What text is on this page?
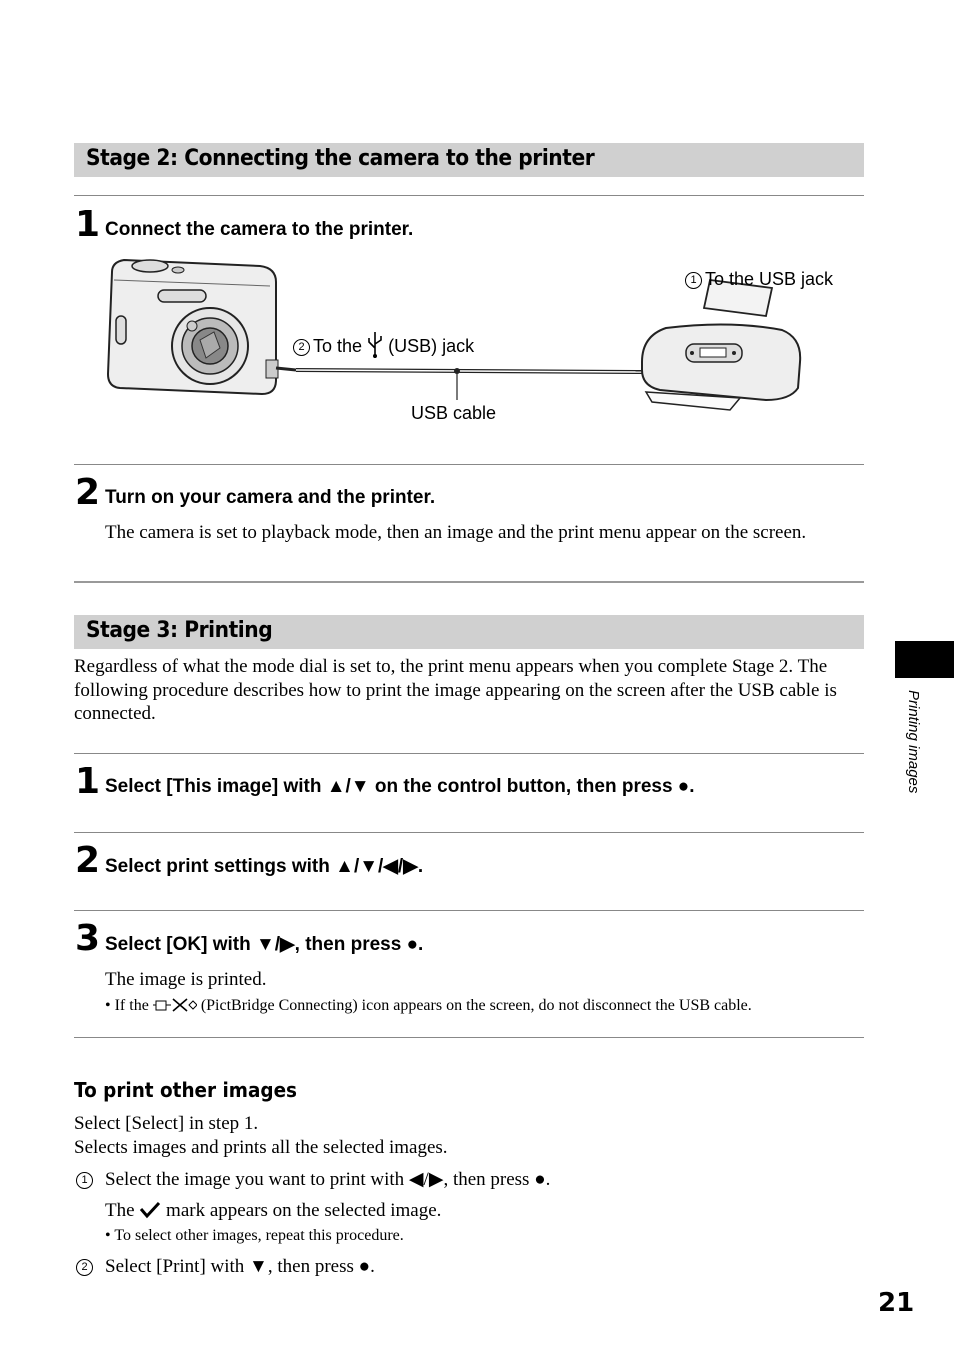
Stage 2: Connecting the camera to the printer
1 Connect the camera to the printer.
1 To the USB jack
2 To the (USB) jack
USB cable
2 Turn on your camera and the printer.
The camera is set to playback mode, then an image and the print menu appear on the screen.
Stage 3: Printing
Regardless of what the mode dial is set to, the print menu appears when you complete Stage 2. The following procedure describes how to print the image appearing on the screen after the USB cable is connected.
1 Select [This image] with ▲/▼ on the control button, then press ●.
2 Select print settings with ▲/▼/◀/▶.
3 Select [OK] with ▼/▶, then press ●.
The image is printed.
• If the	(PictBridge Connecting) icon appears on the screen, do not disconnect the USB cable.
To print other images
Select [Select] in step 1.
Selects images and prints all the selected images.
1 Select the image you want to print with ◀/▶, then press ●.
The mark appears on the selected image.
• To select other images, repeat this procedure.
2 Select [Print] with ▼, then press ●.
Printing images
21
